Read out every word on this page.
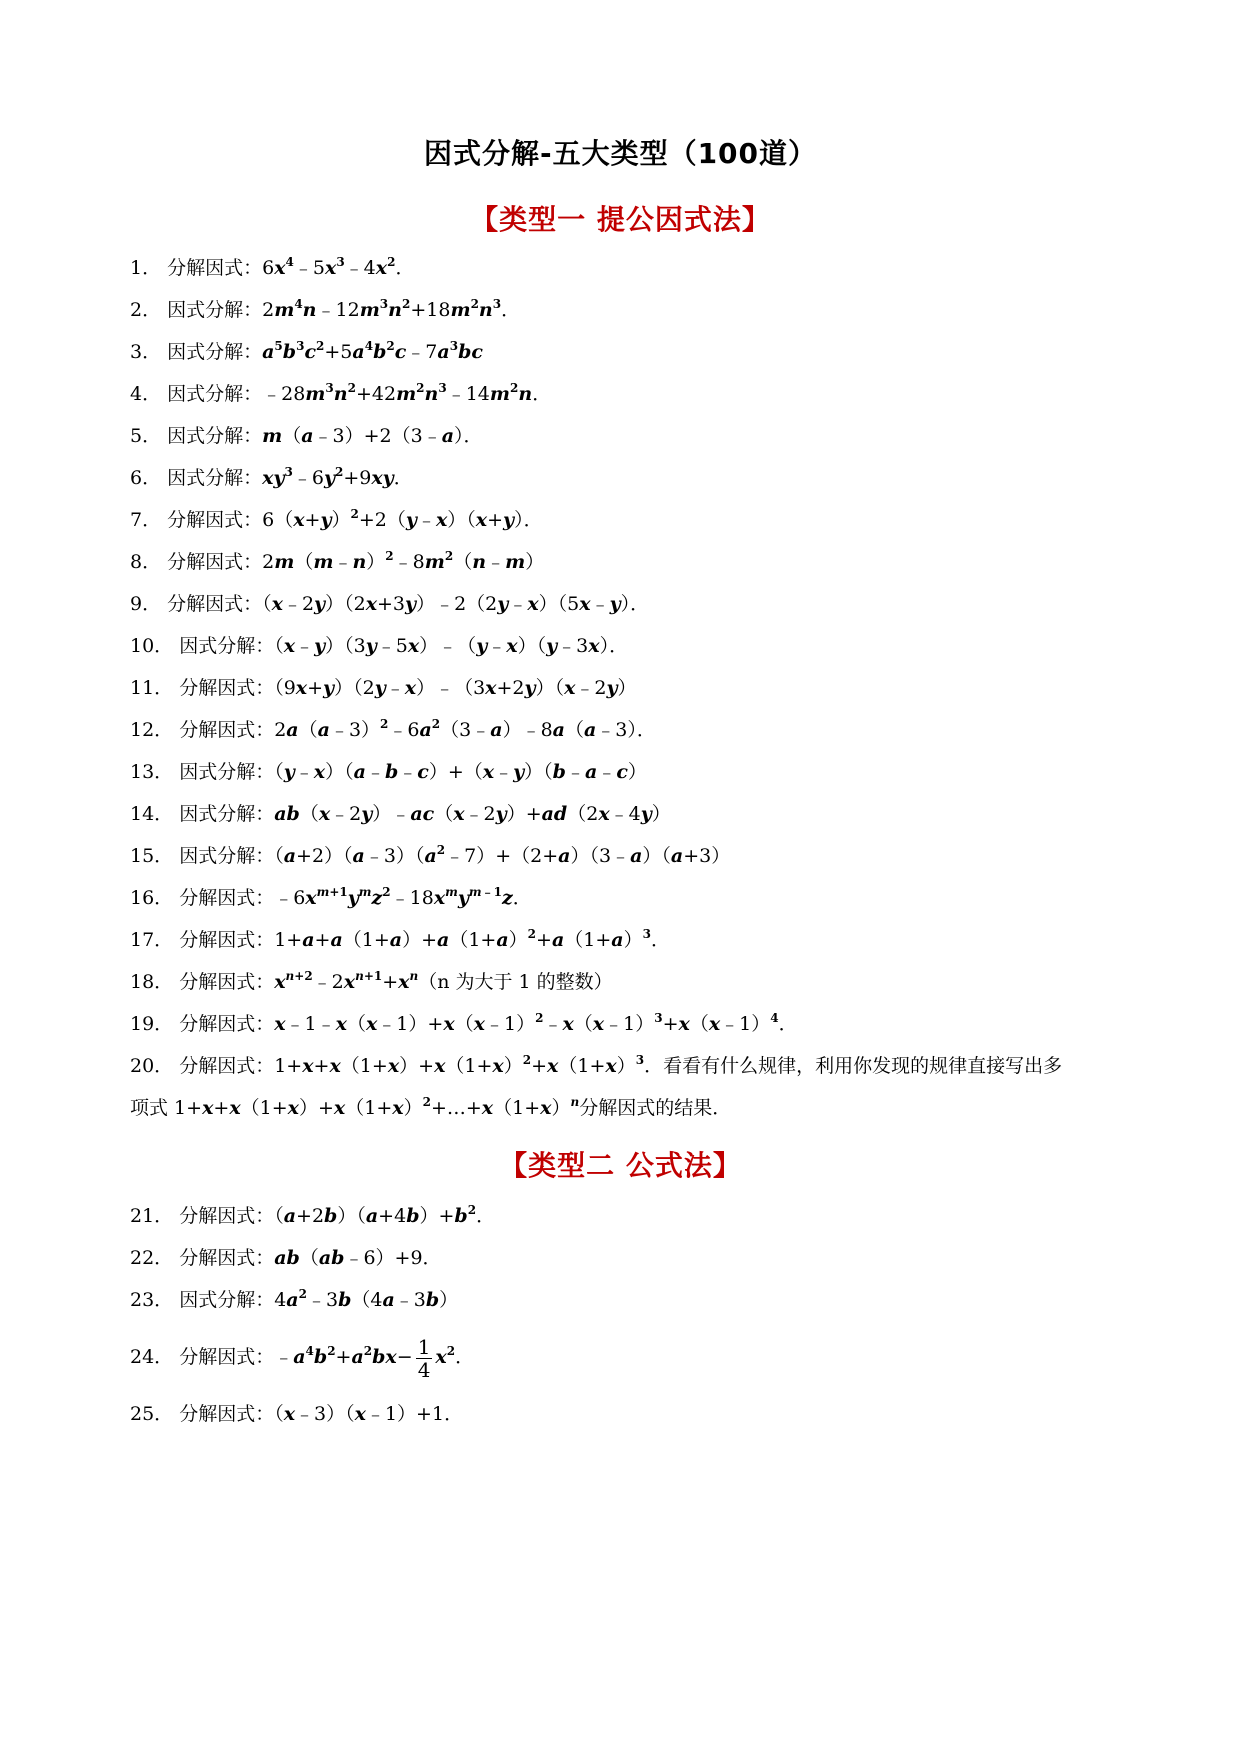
因式分解-五大类型（100道）
【类型一 提公因式法】
1． 分解因式：$6x^4﹣5x^3﹣4x^2$．
2． 因式分解：$2m^4n﹣12m^3n^2+18m^2n^3$．
3． 因式分解：$a^5b^3c^2+5a^4b^2c﹣7a^3bc$
4． 因式分解：$﹣28m^3n^2+42m^2n^3﹣14m^2n$．
5． 因式分解：m（a﹣3）+2（3﹣a）．
6． 因式分解：$xy^3﹣6y^2+9xy$．
7． 分解因式：$6(x+y)^2+2(y﹣x)(x+y)$．
8． 分解因式：$2m(m﹣n)^2﹣8m^2(n﹣m)$
9． 分解因式：（x﹣2y）（2x+3y）﹣2（2y﹣x）（5x﹣y）．
10． 因式分解：（x﹣y）（3y﹣5x）﹣（y﹣x）（y﹣3x）．
11． 分解因式：（9x+y）（2y﹣x）﹣（3x+2y）（x﹣2y）
12． 分解因式：$2a(a﹣3)^2﹣6a^2(3﹣a)﹣8a(a﹣3)$．
13． 因式分解：（y﹣x）（a﹣b﹣c）+（x﹣y）（b﹣a﹣c）
14． 因式分解：ab（x﹣2y）﹣ac（x﹣2y）+ad（2x﹣4y）
15． 因式分解：$(a+2)(a﹣3)(a^2﹣7)+(2+a)(3﹣a)(a+3)$
16． 分解因式：$﹣6x^{m+1}y^mz^2﹣18x^my^{m﹣1}z$．
17． 分解因式：$1+a+a(1+a)+a(1+a)^2+a(1+a)^3$．
18． 分解因式：$x^{n+2}﹣2x^{n+1}+x^n(n$ 为大于 1 的整数）
19． 分解因式：x﹣1﹣x（x﹣1）+x（x﹣1）$^2$﹣x（x﹣1）$^3$+x（x﹣1）$^4$．
20． 分解因式：$1+x+x(1+x)+x(1+x)^2+x(1+x)^3$．看看有什么规律，利用你发现的规律直接写出多
项式 $1+x+x(1+x)+x(1+x)^2+\dots+x(1+x)^n$分解因式的结果．
【类型二 公式法】
21． 分解因式：$(a+2b)(a+4b)+b^2$．
22． 分解因式：ab（ab﹣6）+9．
23． 因式分解：$4a^2﹣3b(4a﹣3b)$
24． 分解因式：$﹣a^4b^2+a^2bx- \frac{1}{4} x^2$．
25． 分解因式：（x﹣3）（x﹣1）+1．
